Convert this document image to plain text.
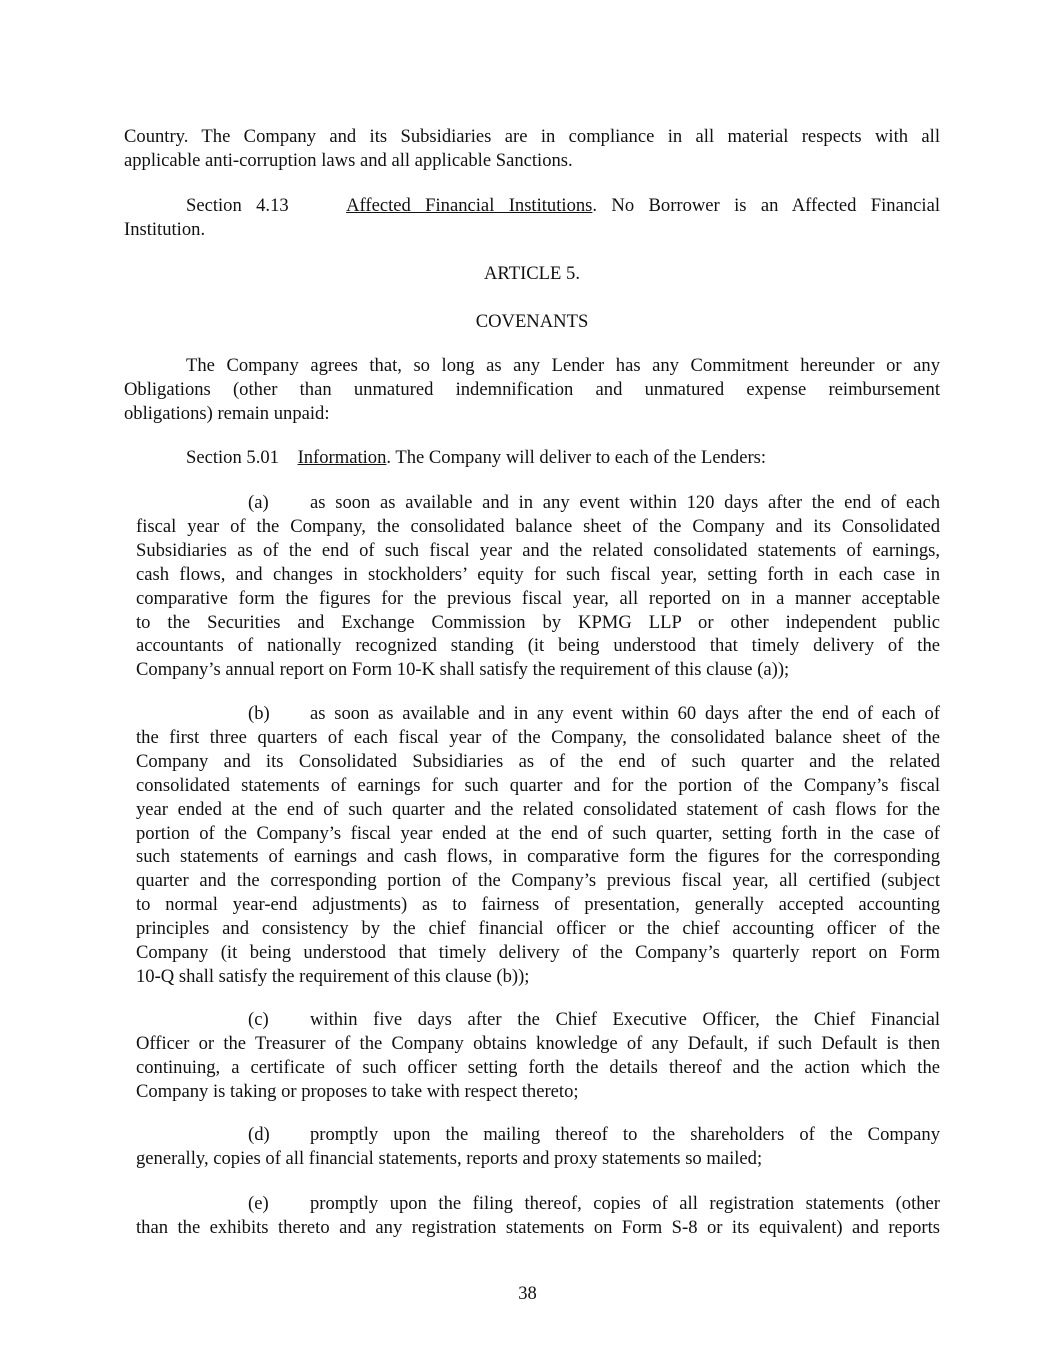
Country. The Company and its Subsidiaries are in compliance in all material respects with all
applicable anti-corruption laws and all applicable Sanctions.
Section 4.13	Affected Financial Institutions. No Borrower is an Affected Financial
Institution.
ARTICLE 5.
COVENANTS
The Company agrees that, so long as any Lender has any Commitment hereunder or any
Obligations (other than unmatured indemnification and unmatured expense reimbursement
obligations) remain unpaid:
Section 5.01 Information. The Company will deliver to each of the Lenders:
(a) as soon as available and in any event within 120 days after the end of each
fiscal year of the Company, the consolidated balance sheet of the Company and its Consolidated
Subsidiaries as of the end of such fiscal year and the related consolidated statements of earnings,
cash flows, and changes in stockholders’ equity for such fiscal year, setting forth in each case in
comparative form the figures for the previous fiscal year, all reported on in a manner acceptable
to the Securities and Exchange Commission by KPMG LLP or other independent public
accountants of nationally recognized standing (it being understood that timely delivery of the
Company’s annual report on Form 10-K shall satisfy the requirement of this clause (a));
(b) as soon as available and in any event within 60 days after the end of each of
the first three quarters of each fiscal year of the Company, the consolidated balance sheet of the
Company and its Consolidated Subsidiaries as of the end of such quarter and the related
consolidated statements of earnings for such quarter and for the portion of the Company’s fiscal
year ended at the end of such quarter and the related consolidated statement of cash flows for the
portion of the Company’s fiscal year ended at the end of such quarter, setting forth in the case of
such statements of earnings and cash flows, in comparative form the figures for the corresponding
quarter and the corresponding portion of the Company’s previous fiscal year, all certified (subject
to normal year-end adjustments) as to fairness of presentation, generally accepted accounting
principles and consistency by the chief financial officer or the chief accounting officer of the
Company (it being understood that timely delivery of the Company’s quarterly report on Form
10-Q shall satisfy the requirement of this clause (b));
(c) within five days after the Chief Executive Officer, the Chief Financial
Officer or the Treasurer of the Company obtains knowledge of any Default, if such Default is then
continuing, a certificate of such officer setting forth the details thereof and the action which the
Company is taking or proposes to take with respect thereto;
(d) promptly upon the mailing thereof to the shareholders of the Company
generally, copies of all financial statements, reports and proxy statements so mailed;
(e) promptly upon the filing thereof, copies of all registration statements (other
than the exhibits thereto and any registration statements on Form S-8 or its equivalent) and reports
38
